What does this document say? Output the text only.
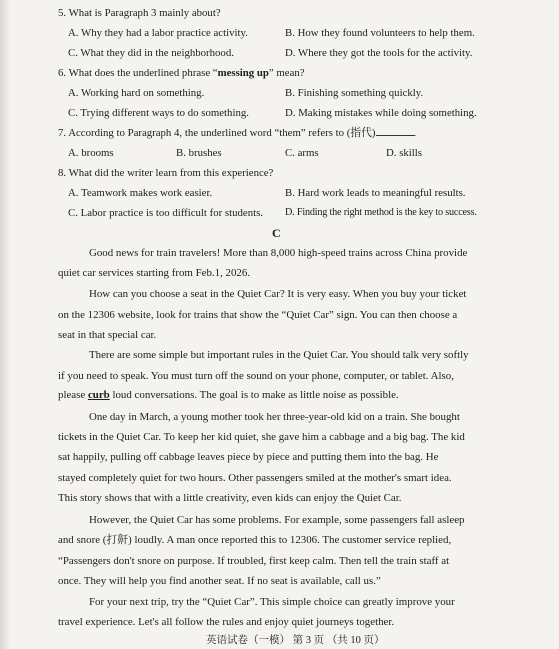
5. What is Paragraph 3 mainly about?
A. Why they had a labor practice activity.	B. How they found volunteers to help them.
C. What they did in the neighborhood.	D. Where they got the tools for the activity.
6. What does the underlined phrase “messing up” mean?
A. Working hard on something.	B. Finishing something quickly.
C. Trying different ways to do something.	D. Making mistakes while doing something.
7. According to Paragraph 4, the underlined word “them” refers to (指代)	.
A. brooms	B. brushes	C. arms	D. skills
8. What did the writer learn from this experience?
A. Teamwork makes work easier.	B. Hard work leads to meaningful results.
C. Labor practice is too difficult for students. D. Finding the right method is the key to success.
C
Good news for train travelers! More than 8,000 high-speed trains across China provide
quiet car services starting from Feb.1, 2026.
How can you choose a seat in the Quiet Car? It is very easy. When you buy your ticket
on the 12306 website, look for trains that show the “Quiet Car” sign. You can then choose a
seat in that special car.
There are some simple but important rules in the Quiet Car. You should talk very softly
if you need to speak. You must turn off the sound on your phone, computer, or tablet. Also,
please curb loud conversations. The goal is to make as little noise as possible.
One day in March, a young mother took her three-year-old kid on a train. She bought
tickets in the Quiet Car. To keep her kid quiet, she gave him a cabbage and a big bag. The kid
sat happily, pulling off cabbage leaves piece by piece and putting them into the bag. He
stayed completely quiet for two hours. Other passengers smiled at the mother's smart idea.
This story shows that with a little creativity, even kids can enjoy the Quiet Car.
However, the Quiet Car has some problems. For example, some passengers fall asleep
and snore (打鼾) loudly. A man once reported this to 12306. The customer service replied,
“Passengers don't snore on purpose. If troubled, first keep calm. Then tell the train staff at
once. They will help you find another seat. If no seat is available, call us.”
For your next trip, try the “Quiet Car”. This simple choice can greatly improve your
travel experience. Let's all follow the rules and enjoy quiet journeys together.
英语试卷（一模） 第 3 页 （共 10 页）
